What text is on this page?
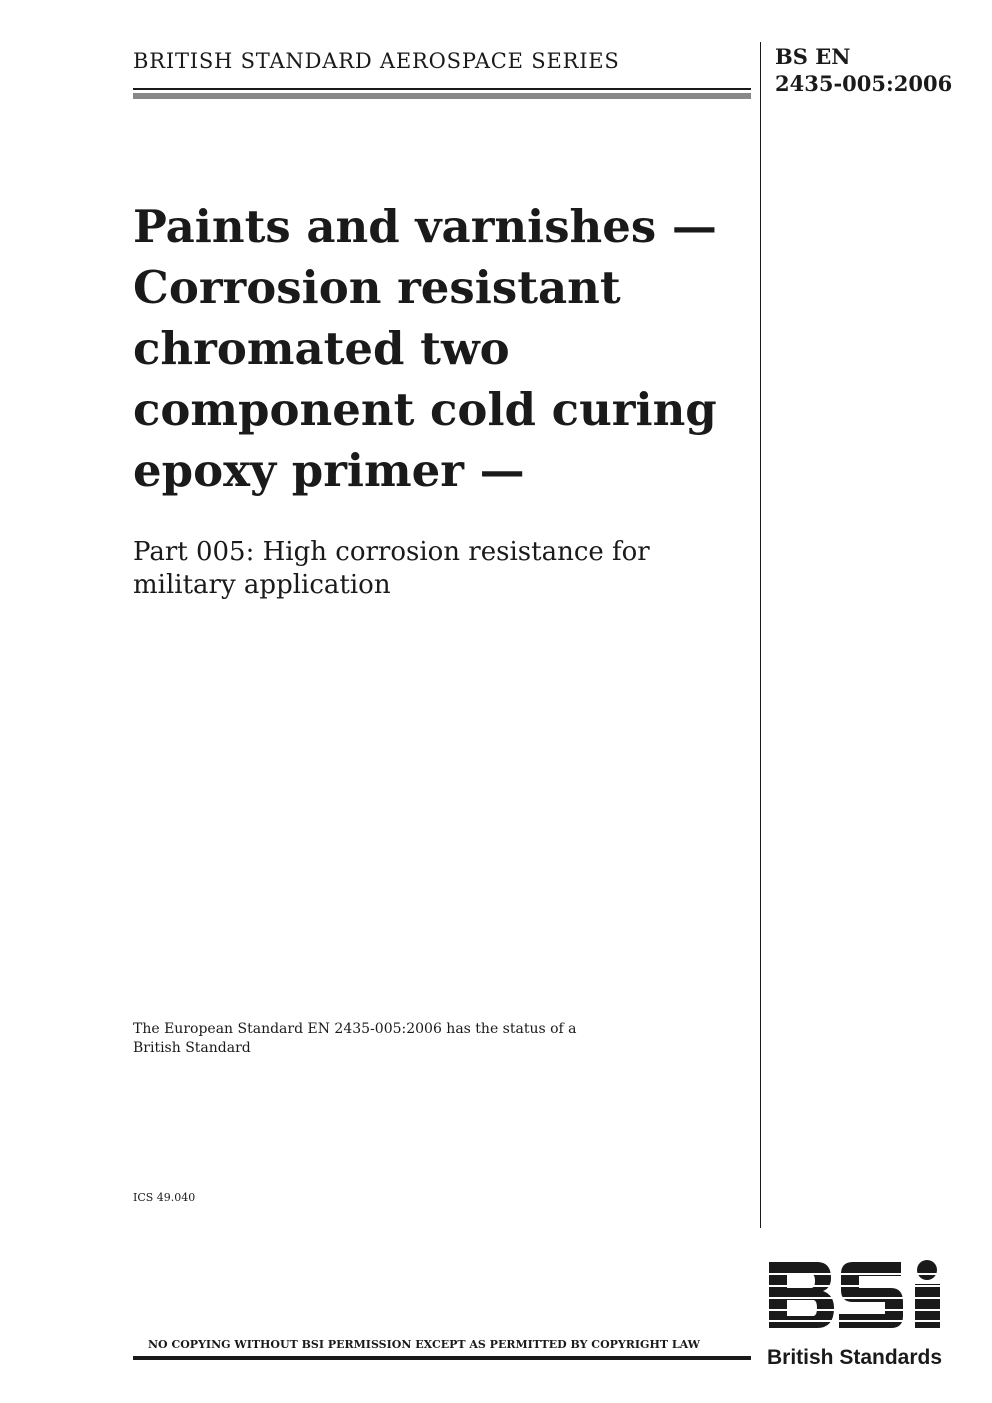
BRITISH STANDARD AEROSPACE SERIES	BS EN
2435-005:2006
Paints and varnishes —
Corrosion resistant
chromated two
component cold curing
epoxy primer —
Part 005: High corrosion resistance for
military application
The European Standard EN 2435-005:2006 has the status of a
British Standard
ICS 49.040
NO COPYING WITHOUT BSI PERMISSION EXCEPT AS PERMITTED BY COPYRIGHT LAW
British Standards
